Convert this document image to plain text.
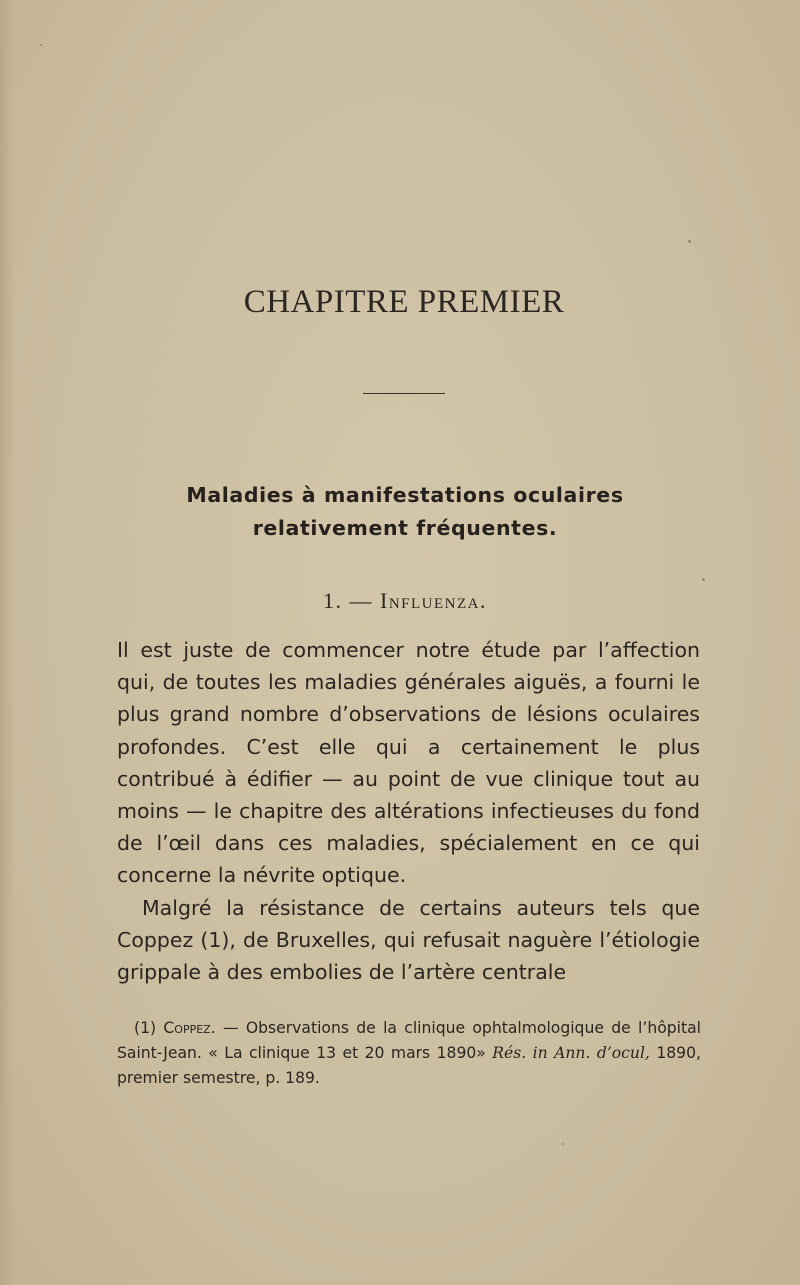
CHAPITRE PREMIER
Maladies à manifestations oculaires relativement fréquentes.
1. — Influenza.

Il est juste de commencer notre étude par l’affection qui, de toutes les maladies générales aiguës, a fourni le plus grand nombre d’observations de lésions oculaires profondes. C’est elle qui a certainement le plus contribué à édifier — au point de vue clinique tout au moins — le chapitre des altérations infectieuses du fond de l’œil dans ces maladies, spécialement en ce qui concerne la névrite optique.

Malgré la résistance de certains auteurs tels que Coppez (1), de Bruxelles, qui refusait naguère l’étiologie grippale à des embolies de l’artère centrale

(1) Coppez. — Observations de la clinique ophtalmologique de l’hôpital Saint-Jean. « La clinique 13 et 20 mars 1890» Rés. in Ann. d’ocul, 1890, premier semestre, p. 189.
